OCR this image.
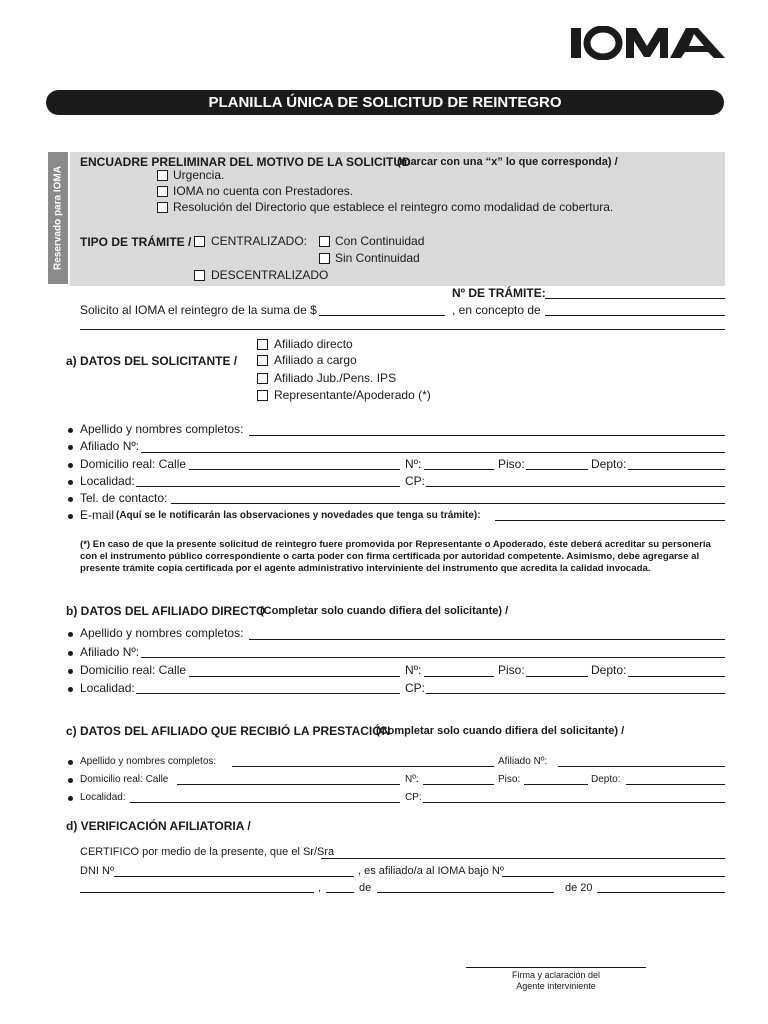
PLANILLA ÚNICA DE SOLICITUD DE REINTEGRO
Reservado para IOMA
ENCUADRE PRELIMINAR DEL MOTIVO DE LA SOLICITUD
(marcar con una “x” lo que corresponda) /
Urgencia.
IOMA no cuenta con Prestadores.
Resolución del Directorio que establece el reintegro como modalidad de cobertura.
TIPO DE TRÁMITE / CENTRALIZADO: Con Continuidad
Sin Continuidad
DESCENTRALIZADO
Nº DE TRÁMITE:
Solicito al IOMA el reintegro de la suma de $	, en concepto de
a) DATOS DEL SOLICITANTE /
Afiliado directo
Afiliado a cargo
Afiliado Jub./Pens. IPS
Representante/Apoderado (*)
Apellido y nombres completos:
Afiliado Nº:
Domicilio real: Calle	Nº:	Piso:	Depto:
Localidad:	CP:
Tel. de contacto:
E-mail (Aquí se le notificarán las observaciones y novedades que tenga su trámite):
(*) En caso de que la presente solicitud de reintegro fuere promovida por Representante o Apoderado, éste deberá acreditar su personería con el instrumento público correspondiente o carta poder con firma certificada por autoridad competente. Asimismo, debe agregarse al presente trámite copia certificada por el agente administrativo interviniente del instrumento que acredita la calidad invocada.
b) DATOS DEL AFILIADO DIRECTO
(Completar solo cuando difiera del solicitante) /
Apellido y nombres completos:
Afiliado Nº:
Domicilio real: Calle	Nº:	Piso:	Depto:
Localidad:	CP:
c) DATOS DEL AFILIADO QUE RECIBIÓ LA PRESTACIÓN
(Completar solo cuando difiera del solicitante) /
Apellido y nombres completos:	Afiliado Nº:
Domicilio real: Calle	Nº:	Piso:	Depto:
Localidad:	CP:
d) VERIFICACIÓN AFILIATORIA /
CERTIFICO por medio de la presente, que el Sr/Sra
DNI Nº	, es afiliado/a al IOMA bajo Nº
,	de	de 20
Firma y aclaración del
Agente interviniente
